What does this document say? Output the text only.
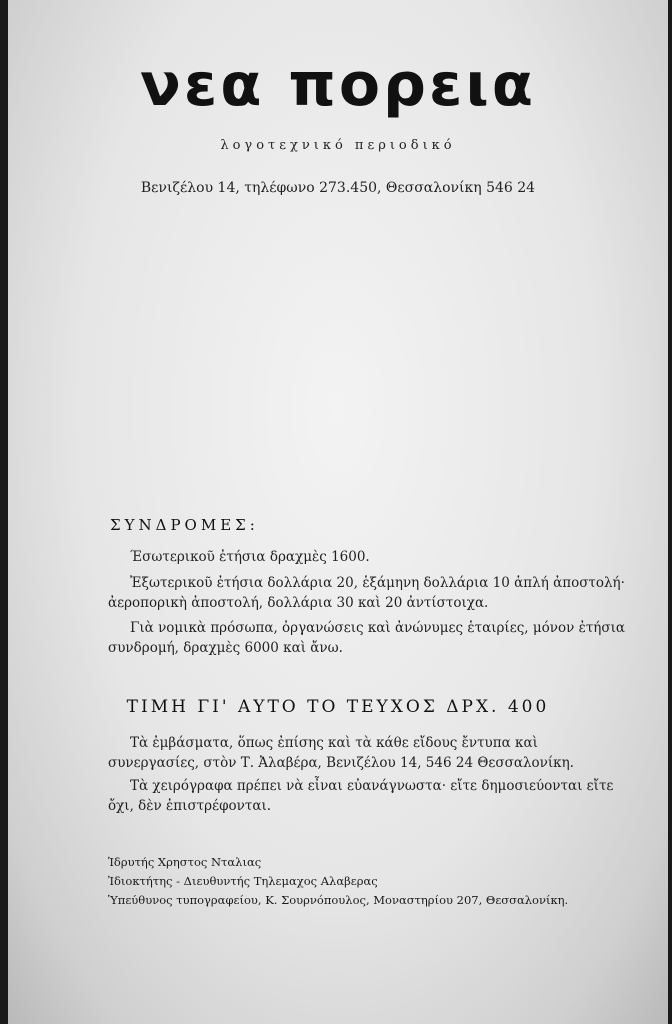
νεα πορεια
λογοτεχνικό περιοδικό
Βενιζέλου 14, τηλέφωνο 273.450, Θεσσαλονίκη 546 24
ΣΥΝΔΡΟΜΕΣ:
Έσωτερικοῦ ἐτήσια δραχμὲς 1600.
Ἐξωτερικοῦ ἐτήσια δολλάρια 20, ἑξάμηνη δολλάρια 10 ἁπλή ἀποστολή· ἀεροπορικὴ ἀποστολή, δολλάρια 30 καὶ 20 ἀντίστοιχα.
Γιὰ νομικὰ πρόσωπα, ὀργανώσεις καὶ ἀνώνυμες ἑταιρίες, μόνον ἐτήσια συνδρομή, δραχμὲς 6000 καὶ ἄνω.
ΤΙΜΗ ΓΙ' ΑΥΤΟ ΤΟ ΤΕΥΧΟΣ ΔΡΧ. 400
Τὰ ἐμβάσματα, ὅπως ἐπίσης καὶ τὰ κάθε εἴδους ἔντυπα καὶ συνεργασίες, στὸν Τ. Ἀλαβέρα, Βενιζέλου 14, 546 24 Θεσσαλονίκη.
Τὰ χειρόγραφα πρέπει νὰ εἶναι εὐανάγνωστα· εἴτε δημοσιεύονται εἴτε ὄχι, δὲν ἐπιστρέφονται.
Ἱδρυτής Χρηστος Νταλιας
Ἰδιοκτήτης - Διευθυντής Τηλεμαχος Αλαβερας
Ὑπεύθυνος τυπογραφείου, Κ. Σουρνόπουλος, Μοναστηρίου 207, Θεσσαλονίκη.
